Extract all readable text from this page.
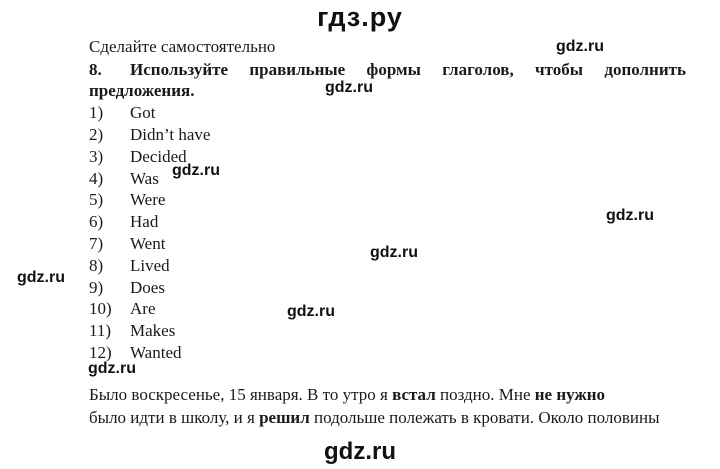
гдз.ру
Сделайте самостоятельно
8. Используйте правильные формы глаголов, чтобы дополнить
предложения.
1) Got
2) Didn’t have
3) Decided
4) Was
5) Were
6) Had
7) Went
8) Lived
9) Does
10) Are
11) Makes
12) Wanted
Было воскресенье, 15 января. В то утро я встал поздно. Мне не нужно
было идти в школу, и я решил подольше полежать в кровати. Около половины
gdz.ru
gdz.ru
gdz.ru
gdz.ru
gdz.ru
gdz.ru
gdz.ru
gdz.ru
gdz.ru
